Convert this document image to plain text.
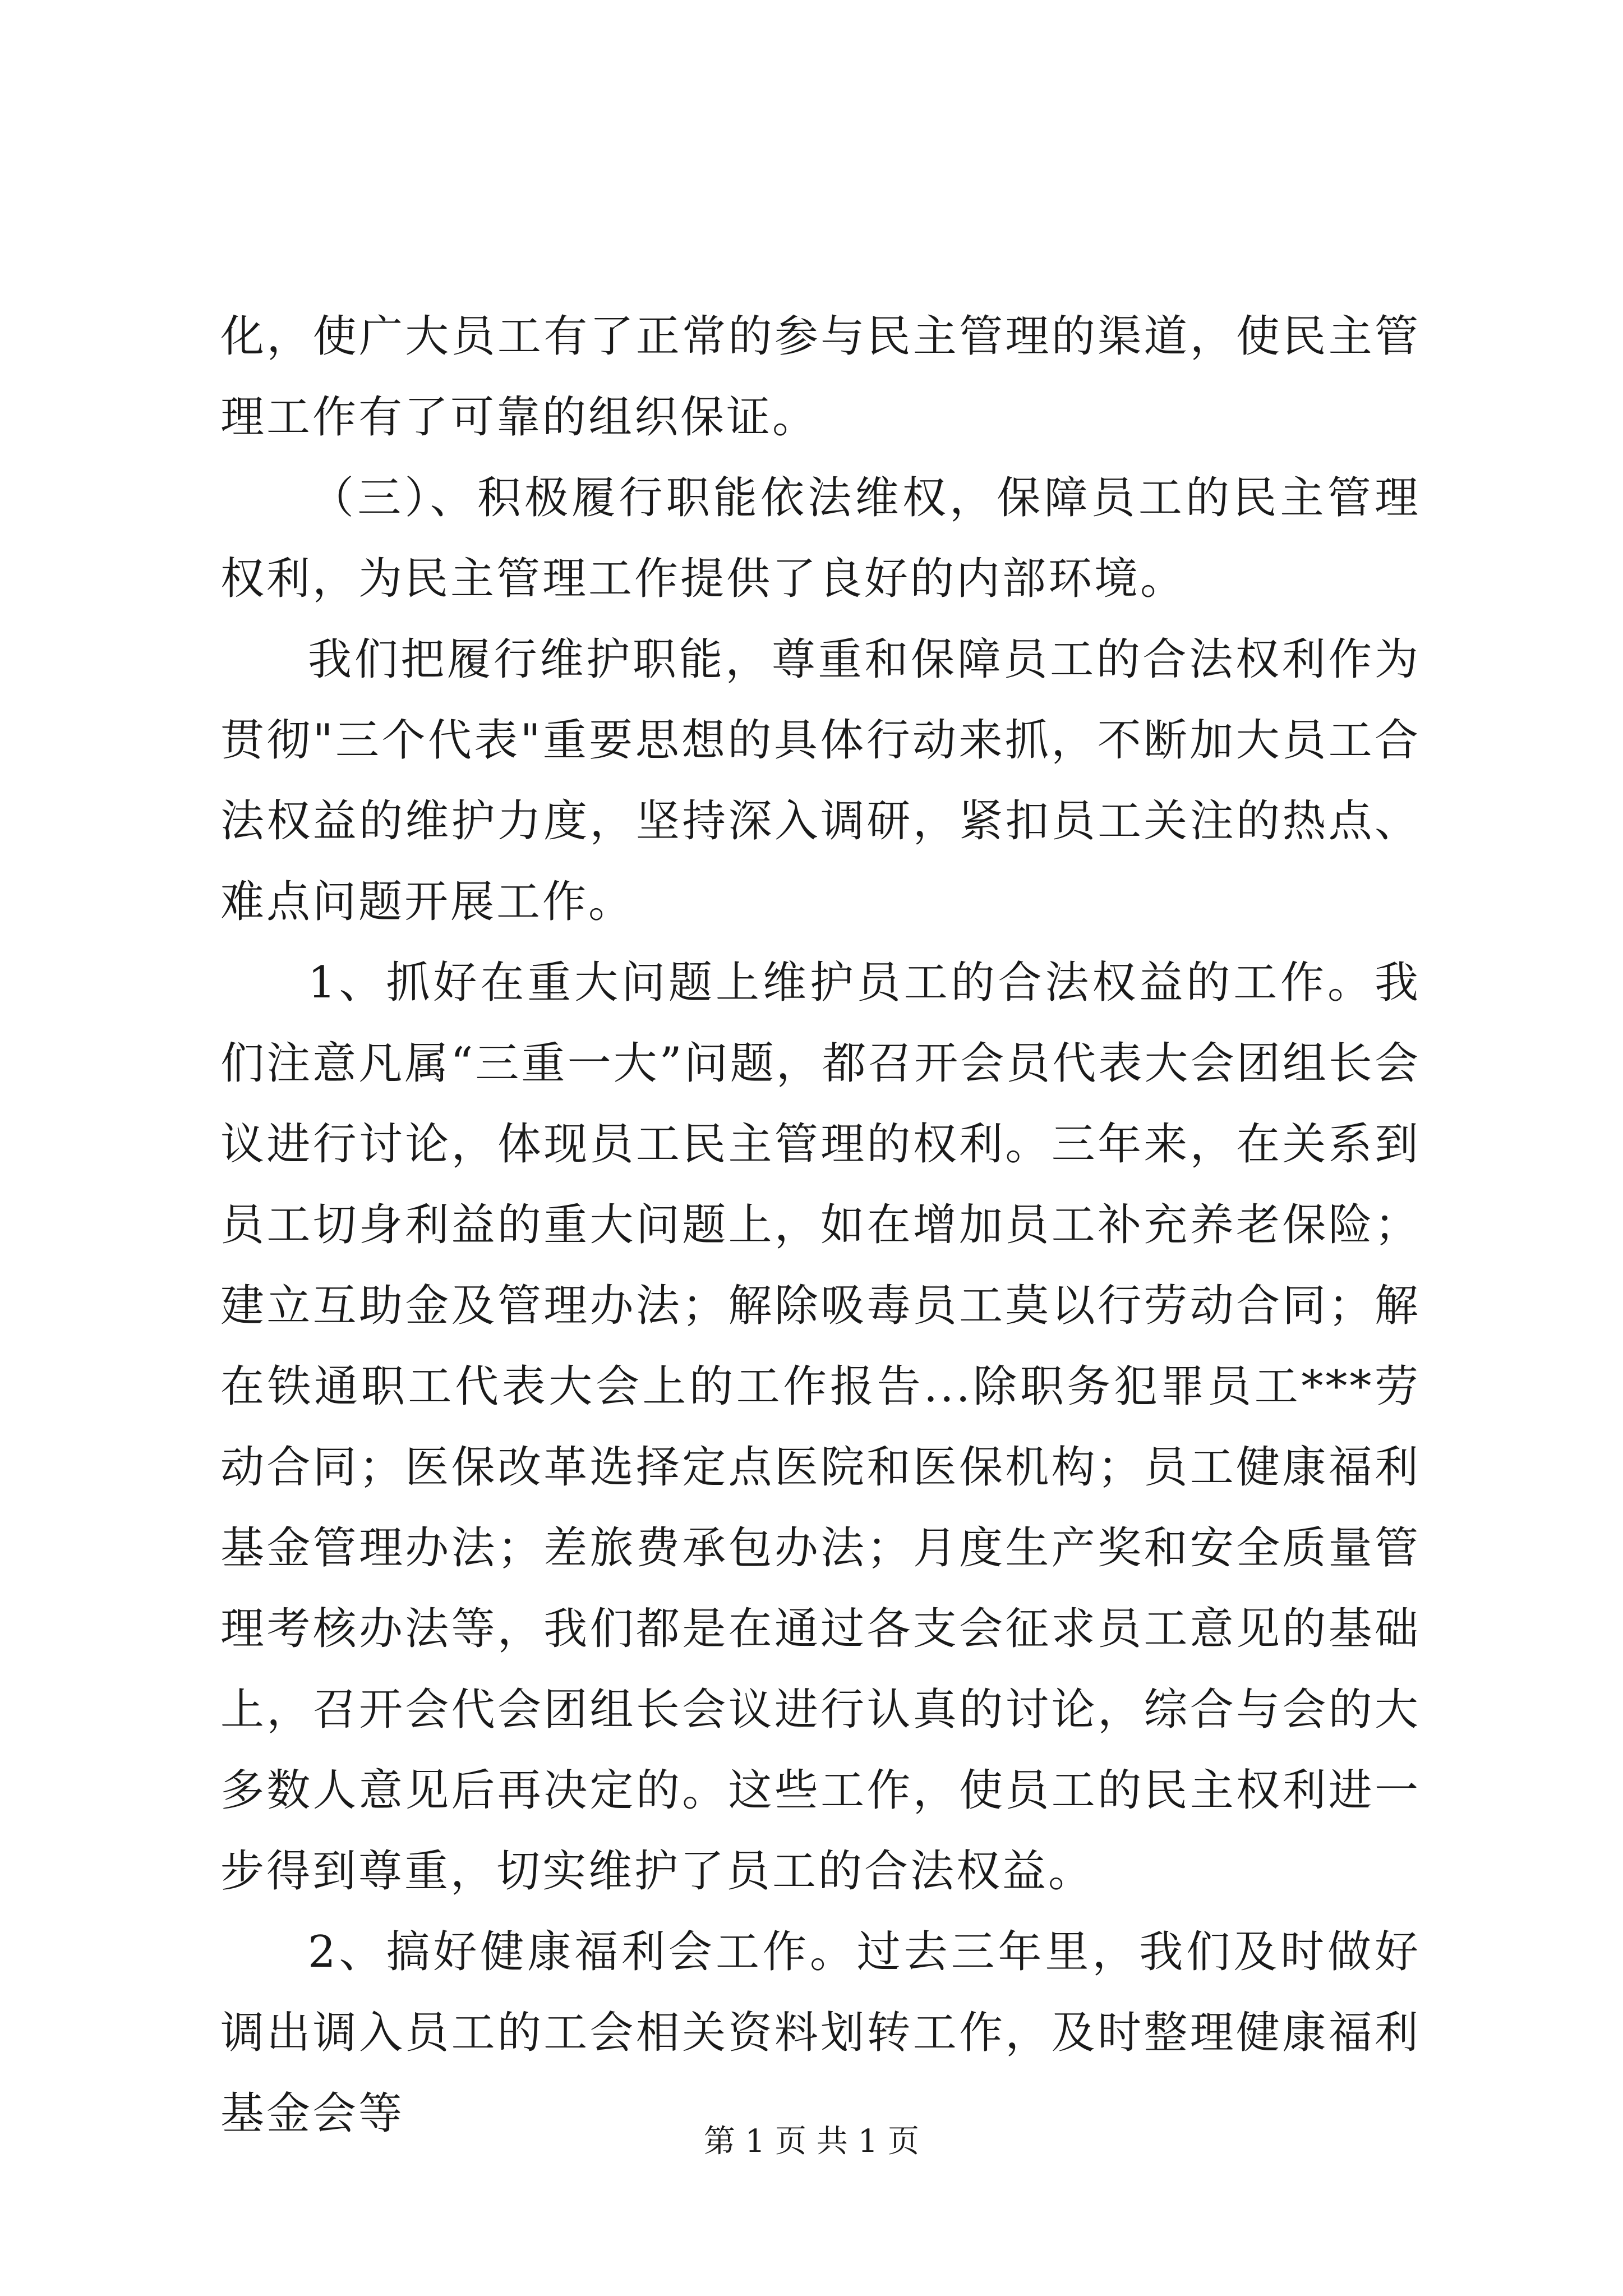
化，使广大员工有了正常的参与民主管理的渠道，使民主管理工作有了可靠的组织保证。

（三）、积极履行职能依法维权，保障员工的民主管理权利，为民主管理工作提供了良好的内部环境。

我们把履行维护职能，尊重和保障员工的合法权利作为贯彻"三个代表"重要思想的具体行动来抓，不断加大员工合法权益的维护力度，坚持深入调研，紧扣员工关注的热点、难点问题开展工作。

1、抓好在重大问题上维护员工的合法权益的工作。我们注意凡属“三重一大”问题，都召开会员代表大会团组长会议进行讨论，体现员工民主管理的权利。三年来，在关系到员工切身利益的重大问题上，如在增加员工补充养老保险；建立互助金及管理办法；解除吸毒员工莫以行劳动合同；解在铁通职工代表大会上的工作报告...除职务犯罪员工***劳动合同；医保改革选择定点医院和医保机构；员工健康福利基金管理办法；差旅费承包办法；月度生产奖和安全质量管理考核办法等，我们都是在通过各支会征求员工意见的基础上，召开会代会团组长会议进行认真的讨论，综合与会的大多数人意见后再决定的。这些工作，使员工的民主权利进一步得到尊重，切实维护了员工的合法权益。

2、搞好健康福利会工作。过去三年里，我们及时做好调出调入员工的工会相关资料划转工作，及时整理健康福利基金会等

第 1 页 共 1 页
